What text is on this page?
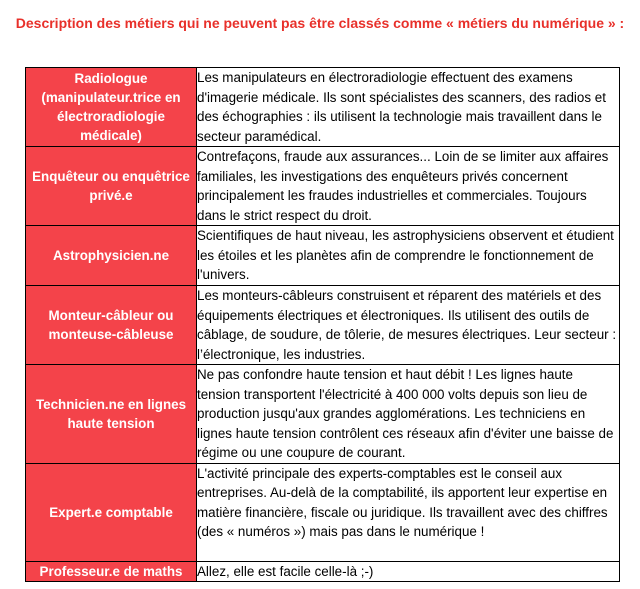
Description des métiers qui ne peuvent pas être classés comme « métiers du numérique » :
Radiologue (manipulateur.trice en électroradiologie médicale)	Les manipulateurs en électroradiologie effectuent des examens d'imagerie médicale. Ils sont spécialistes des scanners, des radios et des échographies : ils utilisent la technologie mais travaillent dans le secteur paramédical.
Enquêteur ou enquêtrice privé.e	Contrefaçons, fraude aux assurances... Loin de se limiter aux affaires familiales, les investigations des enquêteurs privés concernent principalement les fraudes industrielles et commerciales. Toujours dans le strict respect du droit.
Astrophysicien.ne	Scientifiques de haut niveau, les astrophysiciens observent et étudient les étoiles et les planètes afin de comprendre le fonctionnement de l'univers.
Monteur-câbleur ou monteuse-câbleuse	Les monteurs-câbleurs construisent et réparent des matériels et des équipements électriques et électroniques. Ils utilisent des outils de câblage, de soudure, de tôlerie, de mesures électriques. Leur secteur : l’électronique, les industries.
Technicien.ne en lignes haute tension	Ne pas confondre haute tension et haut débit ! Les lignes haute tension transportent l'électricité à 400 000 volts depuis son lieu de production jusqu'aux grandes agglomérations. Les techniciens en lignes haute tension contrôlent ces réseaux afin d'éviter une baisse de régime ou une coupure de courant.
Expert.e comptable	L'activité principale des experts-comptables est le conseil aux entreprises. Au-delà de la comptabilité, ils apportent leur expertise en matière financière, fiscale ou juridique. Ils travaillent avec des chiffres (des « numéros ») mais pas dans le numérique !
Professeur.e de maths	Allez, elle est facile celle-là ;-)
